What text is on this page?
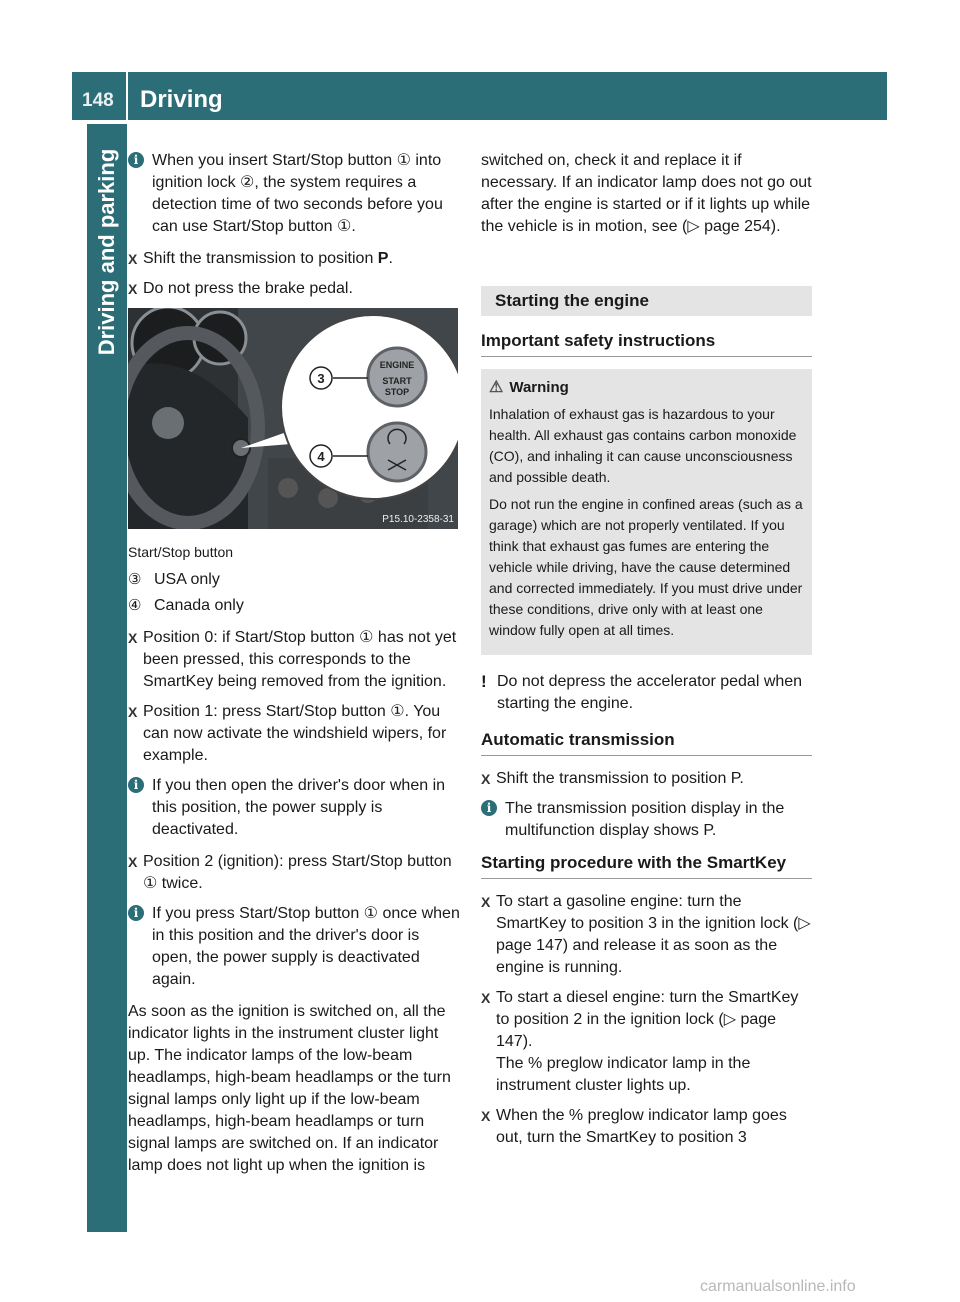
148 Driving
Driving and parking	i When you insert Start/Stop button ① into ignition lock ②, the system requires a detection time of two seconds before you can use Start/Stop button ①.
X Shift the transmission to position P.
X Do not press the brake pedal.
ENGINE
START
STOP
3
4
P15.10-2358-31
Start/Stop button
③ USA only
④ Canada only
X Position 0: if Start/Stop button ① has not yet been pressed, this corresponds to the SmartKey being removed from the ignition.
X Position 1: press Start/Stop button ①. You can now activate the windshield wipers, for example.
i If you then open the driver's door when in this position, the power supply is deactivated.
X Position 2 (ignition): press Start/Stop button ① twice.
i If you press Start/Stop button ① once when in this position and the driver's door is open, the power supply is deactivated again.

As soon as the ignition is switched on, all the indicator lights in the instrument cluster light up. The indicator lamps of the low-beam headlamps, high-beam headlamps or the turn signal lamps only light up if the low-beam headlamps, high-beam headlamps or turn signal lamps are switched on. If an indicator lamp does not light up when the ignition is

switched on, check it and replace it if necessary. If an indicator lamp does not go out after the engine is started or if it lights up while the vehicle is in motion, see (▷ page 254).

Starting the engine
Important safety instructions
⚠ Warning

Inhalation of exhaust gas is hazardous to your health. All exhaust gas contains carbon monoxide (CO), and inhaling it can cause unconsciousness and possible death.

Do not run the engine in confined areas (such as a garage) which are not properly ventilated. If you think that exhaust gas fumes are entering the vehicle while driving, have the cause determined and corrected immediately. If you must drive under these conditions, drive only with at least one window fully open at all times.

! Do not depress the accelerator pedal when starting the engine.
Automatic transmission
X Shift the transmission to position P.
i The transmission position display in the multifunction display shows P.
Starting procedure with the SmartKey
X To start a gasoline engine: turn the SmartKey to position 3 in the ignition lock (▷ page 147) and release it as soon as the engine is running.
X To start a diesel engine: turn the SmartKey to position 2 in the ignition lock (▷ page 147).
The % preglow indicator lamp in the instrument cluster lights up.
X When the % preglow indicator lamp goes out, turn the SmartKey to position 3
carmanualsonline.info
